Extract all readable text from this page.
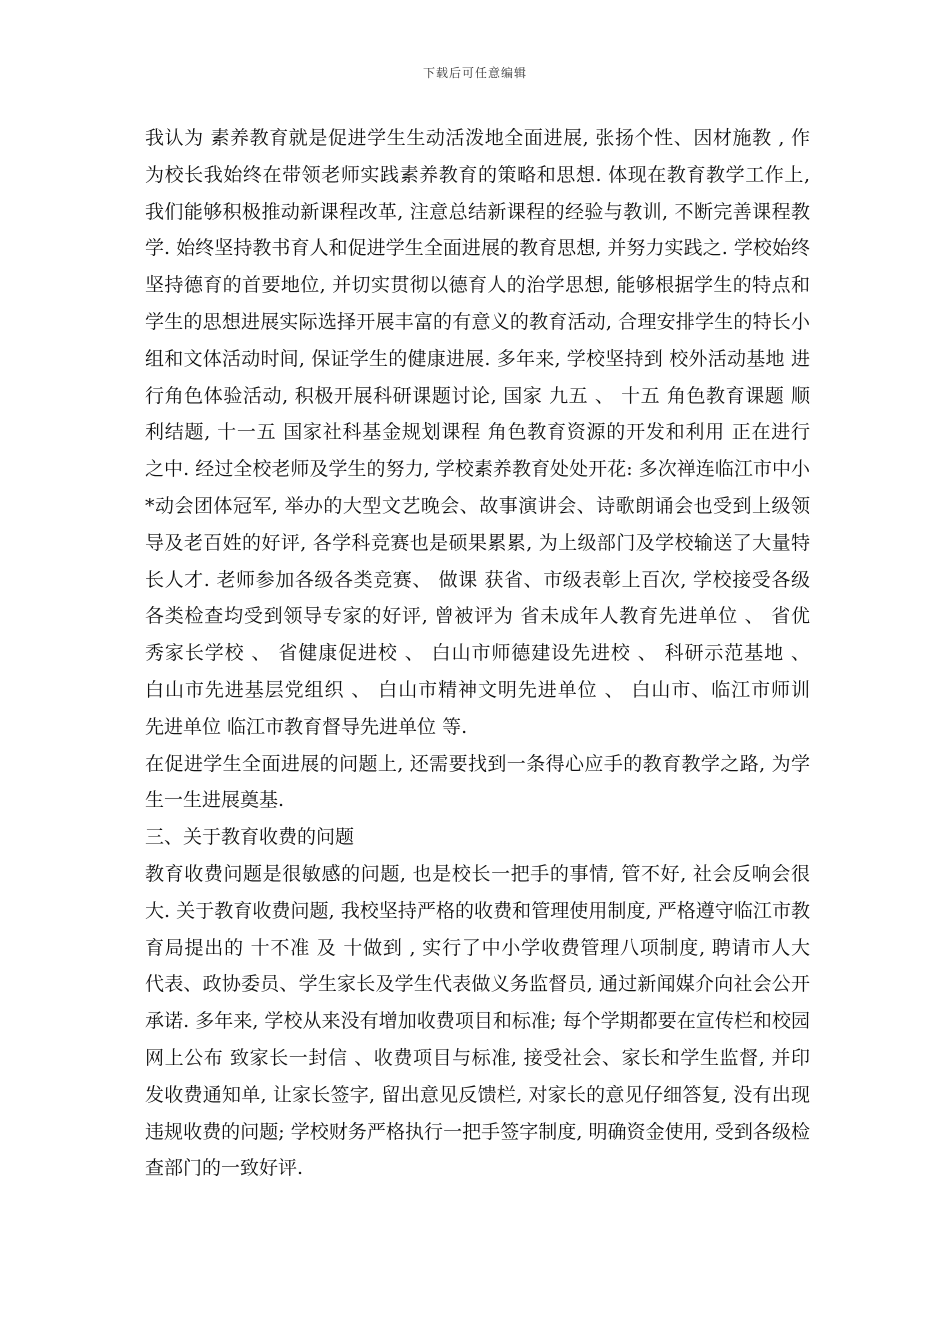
下载后可任意编辑
我认为 素养教育就是促进学生生动活泼地全面进展, 张扬个性、因材施教 , 作
为校长我始终在带领老师实践素养教育的策略和思想. 体现在教育教学工作上,
我们能够积极推动新课程改革, 注意总结新课程的经验与教训, 不断完善课程教
学. 始终坚持教书育人和促进学生全面进展的教育思想, 并努力实践之. 学校始终
坚持德育的首要地位, 并切实贯彻以德育人的治学思想, 能够根据学生的特点和
学生的思想进展实际选择开展丰富的有意义的教育活动, 合理安排学生的特长小
组和文体活动时间, 保证学生的健康进展. 多年来, 学校坚持到 校外活动基地 进
行角色体验活动, 积极开展科研课题讨论, 国家 九五 、 十五 角色教育课题 顺
利结题, 十一五 国家社科基金规划课程 角色教育资源的开发和利用 正在进行
之中. 经过全校老师及学生的努力, 学校素养教育处处开花: 多次禅连临江市中小
*动会团体冠军, 举办的大型文艺晚会、故事演讲会、诗歌朗诵会也受到上级领
导及老百姓的好评, 各学科竞赛也是硕果累累, 为上级部门及学校输送了大量特
长人才. 老师参加各级各类竞赛、 做课 获省、市级表彰上百次, 学校接受各级
各类检查均受到领导专家的好评, 曾被评为 省未成年人教育先进单位 、 省优
秀家长学校 、 省健康促进校 、 白山市师德建设先进校 、 科研示范基地 、
白山市先进基层党组织 、 白山市精神文明先进单位 、 白山市、临江市师训
先进单位 临江市教育督导先进单位 等.
在促进学生全面进展的问题上, 还需要找到一条得心应手的教育教学之路, 为学
生一生进展奠基.
三、关于教育收费的问题
教育收费问题是很敏感的问题, 也是校长一把手的事情, 管不好, 社会反响会很
大. 关于教育收费问题, 我校坚持严格的收费和管理使用制度, 严格遵守临江市教
育局提出的 十不准 及 十做到 , 实行了中小学收费管理八项制度, 聘请市人大
代表、政协委员、学生家长及学生代表做义务监督员, 通过新闻媒介向社会公开
承诺. 多年来, 学校从来没有增加收费项目和标准; 每个学期都要在宣传栏和校园
网上公布 致家长一封信 、收费项目与标准, 接受社会、家长和学生监督, 并印
发收费通知单, 让家长签字, 留出意见反馈栏, 对家长的意见仔细答复, 没有出现
违规收费的问题; 学校财务严格执行一把手签字制度, 明确资金使用, 受到各级检
查部门的一致好评.
